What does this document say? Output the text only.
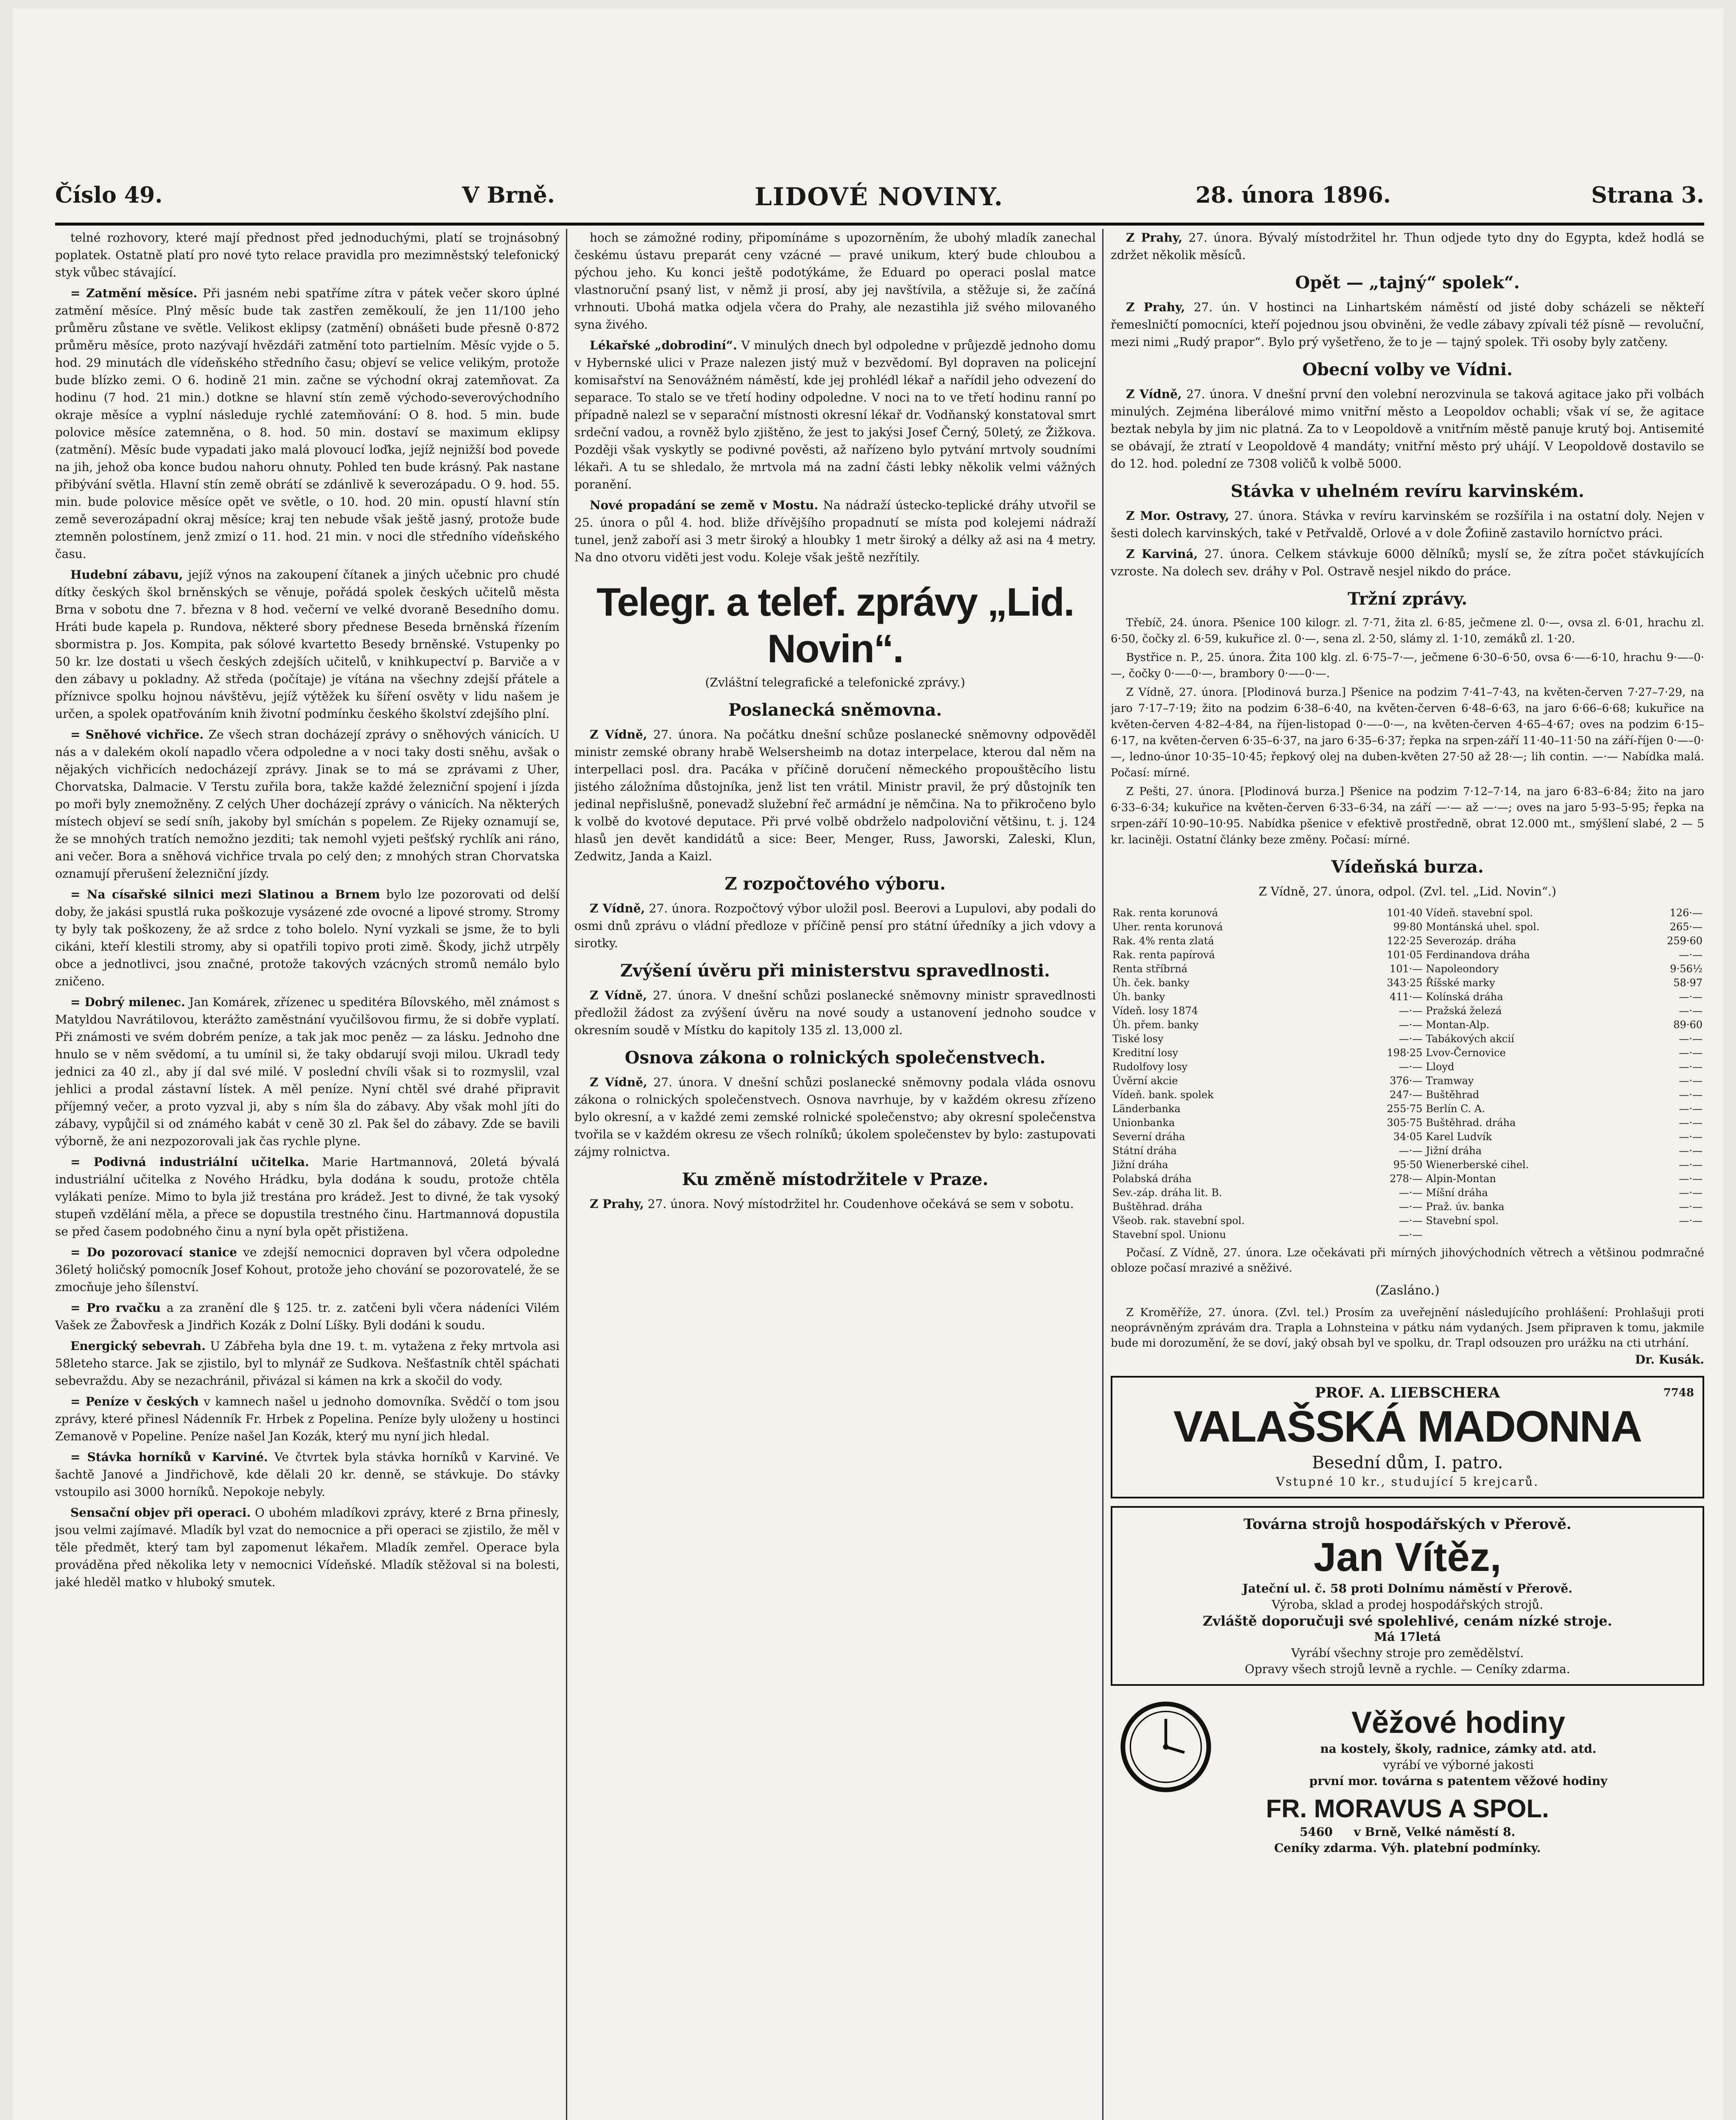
Číslo 49.	V Brně.	LIDOVÉ NOVINY.	28. února 1896.	Strana 3.

telné rozhovory, které mají přednost před jednoduchými, platí se trojnásobný poplatek. Ostatně platí pro nové tyto relace pravidla pro mezimněstský telefonický styk vůbec stávající.

= Zatmění měsíce. Při jasném nebi spatříme zítra v pátek večer skoro úplné zatmění měsíce. Plný měsíc bude tak zastřen zeměkoulí, že jen 11/100 jeho průměru zůstane ve světle. Velikost eklipsy (zatmění) obnášeti bude přesně 0·872 průměru měsíce, proto nazývají hvězdáři zatmění toto partielním. Měsíc vyjde o 5. hod. 29 minutách dle vídeňského středního času; objeví se velice velikým, protože bude blízko zemi. O 6. hodině 21 min. začne se východní okraj zatemňovat. Za hodinu (7 hod. 21 min.) dotkne se hlavní stín země východo-severovýchodního okraje měsíce a vyplní následuje rychlé zatemňování: O 8. hod. 5 min. bude polovice měsíce zatemněna, o 8. hod. 50 min. dostaví se maximum eklipsy (zatmění). Měsíc bude vypadati jako malá plovoucí loďka, jejíž nejnižší bod povede na jih, jehož oba konce budou nahoru ohnuty. Pohled ten bude krásný. Pak nastane přibývání světla. Hlavní stín země obrátí se zdánlivě k severozápadu. O 9. hod. 55. min. bude polovice měsíce opět ve světle, o 10. hod. 20 min. opustí hlavní stín země severozápadní okraj měsíce; kraj ten nebude však ještě jasný, protože bude ztemněn polostínem, jenž zmizí o 11. hod. 21 min. v noci dle středního vídeňského času.

Hudební zábavu, jejíž výnos na zakoupení čítanek a jiných učebnic pro chudé dítky českých škol brněnských se věnuje, pořádá spolek českých učitelů města Brna v sobotu dne 7. března v 8 hod. večerní ve velké dvoraně Besedního domu. Hráti bude kapela p. Rundova, některé sbory přednese Beseda brněnská řízením sbormistra p. Jos. Kompita, pak sólové kvartetto Besedy brněnské. Vstupenky po 50 kr. lze dostati u všech českých zdejších učitelů, v knihkupectví p. Barviče a v den zábavy u pokladny. Až středa (počítaje) je vítána na všechny zdejší přátele a příznivce spolku hojnou návštěvu, jejíž výtěžek ku šíření osvěty v lidu našem je určen, a spolek opatřováním knih životní podmínku českého školství zdejšího plní.

= Sněhové vichřice. Ze všech stran docházejí zprávy o sněhových vánicích. U nás a v dalekém okolí napadlo včera odpoledne a v noci taky dosti sněhu, avšak o nějakých vichřicích nedocházejí zprávy. Jinak se to má se zprávami z Uher, Chorvatska, Dalmacie. V Terstu zuřila bora, takže každé železniční spojení i jízda po moři byly znemožněny. Z celých Uher docházejí zprávy o vánicích. Na některých místech objeví se sedí sníh, jakoby byl smíchán s popelem. Ze Rijeky oznamují se, že se mnohých tratích nemožno jezditi; tak nemohl vyjeti pešťský rychlík ani ráno, ani večer. Bora a sněhová vichřice trvala po celý den; z mnohých stran Chorvatska oznamují přerušení železniční jízdy.

= Na císařské silnici mezi Slatinou a Brnem bylo lze pozorovati od delší doby, že jakási spustlá ruka poškozuje vysázené zde ovocné a lipové stromy. Stromy ty byly tak poškozeny, že až srdce z toho bolelo. Nyní vyzkali se jsme, že to byli cikáni, kteří klestili stromy, aby si opatřili topivo proti zimě. Škody, jichž utrpěly obce a jednotlivci, jsou značné, protože takových vzácných stromů nemálo bylo zničeno.

= Dobrý milenec. Jan Komárek, zřízenec u speditéra Bílovského, měl známost s Matyldou Navrátilovou, kterážto zaměstnání vyučilšovou firmu, že si dobře vyplatí. Při známosti ve svém dobrém peníze, a tak jak moc peněz — za lásku. Jednoho dne hnulo se v něm svědomí, a tu umínil si, že taky obdarují svoji milou. Ukradl tedy jednici za 40 zl., aby jí dal své milé. V poslední chvíli však si to rozmyslil, vzal jehlici a prodal zástavní lístek. A měl peníze. Nyní chtěl své drahé připravit příjemný večer, a proto vyzval ji, aby s ním šla do zábavy. Aby však mohl jíti do zábavy, vypůjčil si od známého kabát v ceně 30 zl. Pak šel do zábavy. Zde se bavili výborně, že ani nezpozorovali jak čas rychle plyne.

= Podivná industriální učitelka. Marie Hartmannová, 20letá bývalá industriální učitelka z Nového Hrádku, byla dodána k soudu, protože chtěla vylákati peníze. Mimo to byla již trestána pro krádež. Jest to divné, že tak vysoký stupeň vzdělání měla, a přece se dopustila trestného činu. Hartmannová dopustila se před časem podobného činu a nyní byla opět přistižena.

= Do pozorovací stanice ve zdejší nemocnici dopraven byl včera odpoledne 36letý holičský pomocník Josef Kohout, protože jeho chování se pozorovatelé, že se zmocňuje jeho šílenství.

= Pro rvačku a za zranění dle § 125. tr. z. zatčeni byli včera nádeníci Vilém Vašek ze Žabovřesk a Jindřich Kozák z Dolní Líšky. Byli dodáni k soudu.

Energický sebevrah. U Zábřeha byla dne 19. t. m. vytažena z řeky mrtvola asi 58leteho starce. Jak se zjistilo, byl to mlynář ze Sudkova. Nešťastník chtěl spáchati sebevraždu. Aby se nezachránil, přivázal si kámen na krk a skočil do vody.

= Peníze v českých v kamnech našel u jednoho domovníka. Svědčí o tom jsou zprávy, které přinesl Nádenník Fr. Hrbek z Popelina. Peníze byly uloženy u hostinci Zemanově v Popeline. Peníze našel Jan Kozák, který mu nyní jich hledal.

= Stávka horníků v Karviné. Ve čtvrtek byla stávka horníků v Karviné. Ve šachtě Janové a Jindřichově, kde dělali 20 kr. denně, se stávkuje. Do stávky vstoupilo asi 3000 horníků. Nepokoje nebyly.

Sensační objev při operaci. O ubohém mladíkovi zprávy, které z Brna přinesly, jsou velmi zajímavé. Mladík byl vzat do nemocnice a při operaci se zjistilo, že měl v těle předmět, který tam byl zapomenut lékařem. Mladík zemřel. Operace byla prováděna před několika lety v nemocnici Vídeňské. Mladík stěžoval si na bolesti, jaké hleděl matko v hluboký smutek.

hoch se zámožné rodiny, připomínáme s upozorněním, že ubohý mladík zanechal českému ústavu preparát ceny vzácné — pravé unikum, který bude chloubou a pýchou jeho. Ku konci ještě podotýkáme, že Eduard po operaci poslal matce vlastnoruční psaný list, v němž ji prosí, aby jej navštívila, a stěžuje si, že začíná vrhnouti. Ubohá matka odjela včera do Prahy, ale nezastihla již svého milovaného syna živého.

Lékařské „dobrodiní“. V minulých dnech byl odpoledne v průjezdě jednoho domu v Hybernské ulici v Praze nalezen jistý muž v bezvědomí. Byl dopraven na policejní komisařství na Senovážném náměstí, kde jej prohlédl lékař a nařídil jeho odvezení do separace. To stalo se ve třetí hodiny odpoledne. V noci na to ve třetí hodinu ranní po případně nalezl se v separační místnosti okresní lékař dr. Vodňanský konstatoval smrt srdeční vadou, a rovněž bylo zjištěno, že jest to jakýsi Josef Černý, 50letý, ze Žižkova. Později však vyskytly se podivné pověsti, až nařízeno bylo pytvání mrtvoly soudními lékaři. A tu se shledalo, že mrtvola má na zadní části lebky několik velmi vážných poranění.

Nové propadání se země v Mostu. Na nádraží ústecko-teplické dráhy utvořil se 25. února o půl 4. hod. bliže dřívějšího propadnutí se místa pod kolejemi nádraží tunel, jenž zaboří asi 3 metr široký a hloubky 1 metr široký a délky až asi na 4 metry. Na dno otvoru viděti jest vodu. Koleje však ještě nezřítily.

Telegr. a telef. zprávy „Lid. Novin“.
(Zvláštní telegrafické a telefonické zprávy.)
Poslanecká sněmovna.

Z Vídně, 27. února. Na počátku dnešní schůze poslanecké sněmovny odpověděl ministr zemské obrany hrabě Welsersheimb na dotaz interpelace, kterou dal něm na interpellaci posl. dra. Pacáka v příčině doručení německého propouštěcího listu jistého záložníma důstojníka, jenž list ten vrátil. Ministr pravil, že prý důstojník ten jedinal nepřislušně, ponevadž služební řeč armádní je němčina. Na to přikročeno bylo k volbě do kvotové deputace. Při prvé volbě obdrželo nadpoloviční většinu, t. j. 124 hlasů jen devět kandidátů a sice: Beer, Menger, Russ, Jaworski, Zaleski, Klun, Zedwitz, Janda a Kaizl.

Z rozpočtového výboru.

Z Vídně, 27. února. Rozpočtový výbor uložil posl. Beerovi a Lupulovi, aby podali do osmi dnů zprávu o vládní předloze v příčině pensí pro státní úředníky a jich vdovy a sirotky.

Zvýšení úvěru při ministerstvu spravedlnosti.

Z Vídně, 27. února. V dnešní schůzi poslanecké sněmovny ministr spravedlnosti předložil žádost za zvýšení úvěru na nové soudy a ustanovení jednoho soudce v okresním soudě v Místku do kapitoly 135 zl. 13,000 zl.

Osnova zákona o rolnických společenstvech.

Z Vídně, 27. února. V dnešní schůzi poslanecké sněmovny podala vláda osnovu zákona o rolnických společenstvech. Osnova navrhuje, by v každém okresu zřízeno bylo okresní, a v každé zemi zemské rolnické společenstvo; aby okresní společenstva tvořila se v každém okresu ze všech rolníků; úkolem společenstev by bylo: zastupovati zájmy rolnictva.

Ku změně místodržitele v Praze.

Z Prahy, 27. února. Nový místodržitel hr. Coudenhove očekává se sem v sobotu.

Z Prahy, 27. února. Bývalý místodržitel hr. Thun odjede tyto dny do Egypta, kdež hodlá se zdržet několik měsíců.

Opět — „tajný“ spolek“.

Z Prahy, 27. ún. V hostinci na Linhartském náměstí od jisté doby scházeli se někteří řemeslničtí pomocníci, kteří pojednou jsou obviněni, že vedle zábavy zpívali též písně — revoluční, mezi nimi „Rudý prapor“. Bylo prý vyšetřeno, že to je — tajný spolek. Tři osoby byly zatčeny.

Obecní volby ve Vídni.

Z Vídně, 27. února. V dnešní první den volební nerozvinula se taková agitace jako při volbách minulých. Zejména liberálové mimo vnitřní město a Leopoldov ochabli; však ví se, že agitace beztak nebyla by jim nic platná. Za to v Leopoldově a vnitřním městě panuje krutý boj. Antisemité se obávají, že ztratí v Leopoldově 4 mandáty; vnitřní město prý uhájí. V Leopoldově dostavilo se do 12. hod. polední ze 7308 voličů k volbě 5000.

Stávka v uhelném revíru karvinském.

Z Mor. Ostravy, 27. února. Stávka v revíru karvinském se rozšířila i na ostatní doly. Nejen v šesti dolech karvinských, také v Petřvaldě, Orlové a v dole Žofiině zastavilo horníctvo práci.

Z Karviná, 27. února. Celkem stávkuje 6000 dělníků; myslí se, že zítra počet stávkujících vzroste. Na dolech sev. dráhy v Pol. Ostravě nesjel nikdo do práce.

Tržní zprávy.

Třebíč, 24. února. Pšenice 100 kilogr. zl. 7·71, žita zl. 6·85, ječmene zl. 0·—, ovsa zl. 6·01, hrachu zl. 6·50, čočky zl. 6·59, kukuřice zl. 0·—, sena zl. 2·50, slámy zl. 1·10, zemáků zl. 1·20.

Bystřice n. P., 25. února. Žita 100 klg. zl. 6·75–7·—, ječmene 6·30–6·50, ovsa 6·—–6·10, hrachu 9·—–0·—, čočky 0·—–0·—, brambory 0·—–0·—.

Z Vídně, 27. února. [Plodinová burza.] Pšenice na podzim 7·41–7·43, na květen-červen 7·27–7·29, na jaro 7·17–7·19; žito na podzim 6·38–6·40, na květen-červen 6·48–6·63, na jaro 6·66–6·68; kukuřice na květen-červen 4·82–4·84, na říjen-listopad 0·—–0·—, na květen-červen 4·65–4·67; oves na podzim 6·15–6·17, na květen-červen 6·35–6·37, na jaro 6·35–6·37; řepka na srpen-září 11·40–11·50 na září-říjen 0·—–0·—, ledno-únor 10·35–10·45; řepkový olej na duben-květen 27·50 až 28·—; lih contin. —·— Nabídka malá. Počasí: mírné.

Z Pešti, 27. února. [Plodinová burza.] Pšenice na podzim 7·12–7·14, na jaro 6·83–6·84; žito na jaro 6·33–6·34; kukuřice na květen-červen 6·33–6·34, na září —·— až —·—; oves na jaro 5·93–5·95; řepka na srpen-září 10·90–10·95. Nabídka pšenice v efektivě prostředně, obrat 12.000 mt., smýšlení slabé, 2 — 5 kr. laciněji. Ostatní články beze změny. Počasí: mírné.

Vídeňská burza.
Z Vídně, 27. února, odpol. (Zvl. tel. „Lid. Novin“.)
Rak. rentа korunová	101·40	Vídeň. stavební spol.	126·—
Uher. renta korunová	99·80	Montánská uhel. spol.	265·—
Rak. 4% renta zlatá	122·25	Severozáp. dráha	259·60
Rak. rentа papírová	101·05	Ferdinandova dráha	—·—
Renta stříbrná	101·—	Napoleondory	9·56½
Úh. ček. banky	343·25	Říšské marky	58·97
Úh. banky	411·—	Kolínská dráha	—·—
Vídeň. losy 1874	—·—	Pražská železá	—·—
Úh. přem. banky	—·—	Montan-Alp.	89·60
Tiské losy	—·—	Tabákových akcií	—·—
Kreditní losy	198·25	Lvov-Černovice	—·—
Rudolfovy losy	—·—	Lloyd	—·—
Úvěrní akcie	376·—	Tramway	—·—
Vídeň. bank. spolek	247·—	Buštěhrad	—·—
Länderbanka	255·75	Berlín C. A.	—·—
Unionbanka	305·75	Buštěhrad. dráha	—·—
Severní dráha	34·05	Karel Ludvík	—·—
Státní dráha	—·—	Jižní dráha	—·—
Jižní dráha	95·50	Wienerberské cihel.	—·—
Polabská dráha	278·—	Alpin-Montan	—·—
Sev.-záp. dráha lit. B.	—·—	Míšní dráha	—·—
Buštěhrad. dráha	—·—	Praž. úv. banka	—·—
Všeob. rak. stavební spol.	—·—	Stavební spol.	—·—
Stavební spol. Unionu	—·—		

Počasí. Z Vídně, 27. února. Lze očekávati při mírných jihovýchodních větrech a většinou podmračné obloze počasí mrazivé a sněživé.

(Zasláno.)

Z Kroměříže, 27. února. (Zvl. tel.) Prosím za uveřejnění následujícího prohlášení: Prohlašuji proti neoprávněným zprávám dra. Trapla a Lohnsteina v pátku nám vydaných. Jsem připraven k tomu, jakmile bude mi dorozumění, že se doví, jaký obsah byl ve spolku, dr. Trapl odsouzen pro urážku na cti utrhání.

Dr. Kusák.

PROF. A. LIEBSCHERA	7748
VALAŠSKÁ MADONNA
Besední dům, I. patro.
Vstupné 10 kr., studující 5 krejcarů.
Továrna strojů hospodářských v Přerově.
Jan Vítěz,
Jateční ul. č. 58 proti Dolnímu náměstí v Přerově.
Výroba, sklad a prodej hospodářských strojů.
Zvláště doporučuji své spolehlivé, cenám nízké stroje.
Má 17letá
Vyrábí všechny stroje pro zemědělství.
Opravy všech strojů levně a rychle. — Ceníky zdarma.
Věžové hodiny
na kostely, školy, radnice, zámky atd. atd.
vyrábí ve výborné jakosti
první mor. továrna s patentem věžové hodiny
FR. MORAVUS A SPOL.
5460 v Brně, Velké náměstí 8.
Ceníky zdarma. Výh. platební podmínky.
